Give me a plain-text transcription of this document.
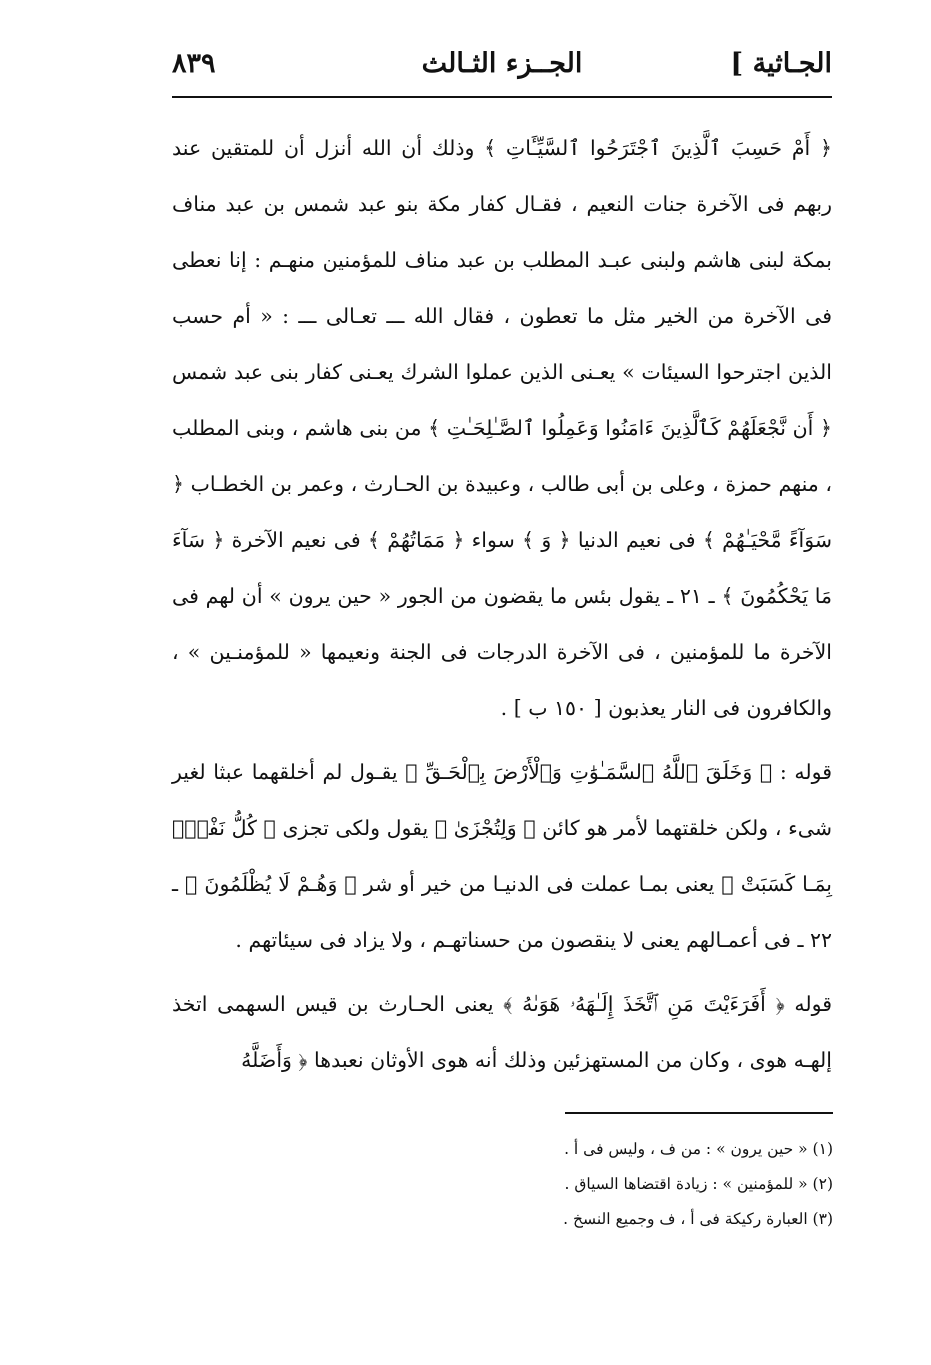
الجـاثية ]
الجــزء الثـالث
٨٣٩

﴿ أَمْ حَسِبَ ٱلَّذِينَ ٱجْتَرَحُوا ٱلسَّيِّـَٔاتِ ﴾ وذلك أن الله أنزل أن للمتقين عند ربهم فى الآخرة جنات النعيم ، فقـال كفار مكة بنو عبد شمس بن عبد مناف بمكة لبنى هاشم ولبنى عبـد المطلب بن عبد مناف للمؤمنين منهـم : إنا نعطى فى الآخرة من الخير مثل ما تعطون ، فقال الله ـــ تعـالى ـــ : « أم حسب الذين اجترحوا السيئات » يعـنى الذين عملوا الشرك يعـنى كفار بنى عبد شمس ﴿ أَن نَّجْعَلَهُمْ كَٱلَّذِينَ ءَامَنُوا وَعَمِلُوا ٱلصَّـٰلِحَـٰتِ ﴾ من بنى هاشم ، وبنى المطلب ، منهم حمزة ، وعلى بن أبى طالب ، وعبيدة بن الحـارث ، وعمر بن الخطـاب ﴿ سَوَآءً مَّحْيَـٰهُمْ ﴾ فى نعيم الدنيا ﴿ وَ ﴾ سواء ﴿ مَمَاتُهُمْ ﴾ فى نعيم الآخرة ﴿ سَآءَ مَا يَحْكُمُونَ ﴾ ـ ٢١ ـ يقول بئس ما يقضون من الجور « حين يرون » أن لهم فى الآخرة ما للمؤمنين ، فى الآخرة الدرجات فى الجنة ونعيمها « للمؤمنـين » ، والكافرون فى النار يعذبون [ ١٥٠ ب ] .

قوله : ﴿ وَخَلَقَ ٱللَّهُ ٱلسَّمَـٰوَٰتِ وَٱلْأَرْضَ بِٱلْحَـقِّ ﴾ يقـول لم أخلقهما عبثا لغير شىء ، ولكن خلقتهما لأمر هو كائن ﴿ وَلِتُجْزَىٰ ﴾ يقول ولكى تجزى ﴿ كُلُّ نَفْسٍۭ بِمَـا كَسَبَتْ ﴾ يعنى بمـا عملت فى الدنيـا من خير أو شر ﴿ وَهُـمْ لَا يُظْلَمُونَ ﴾ ـ ٢٢ ـ فى أعمـالهم يعنى لا ينقصون من حسناتهـم ، ولا يزاد فى سيئاتهم .

قوله ﴿ أَفَرَءَيْتَ مَنِ ٱتَّخَذَ إِلَـٰهَهُۥ هَوَىٰهُ ﴾ يعنى الحـارث بن قيس السهمى اتخذ إلهـه هوى ، وكان من المستهزئين وذلك أنه هوى الأوثان نعبدها ﴿ وَأَضَلَّهُ

(١) « حين يرون » : من ف ، وليس فى أ .
(٢) « للمؤمنين » : زيادة اقتضاها السياق .
(٣) العبارة ركيكة فى أ ، ف وجميع النسخ .
